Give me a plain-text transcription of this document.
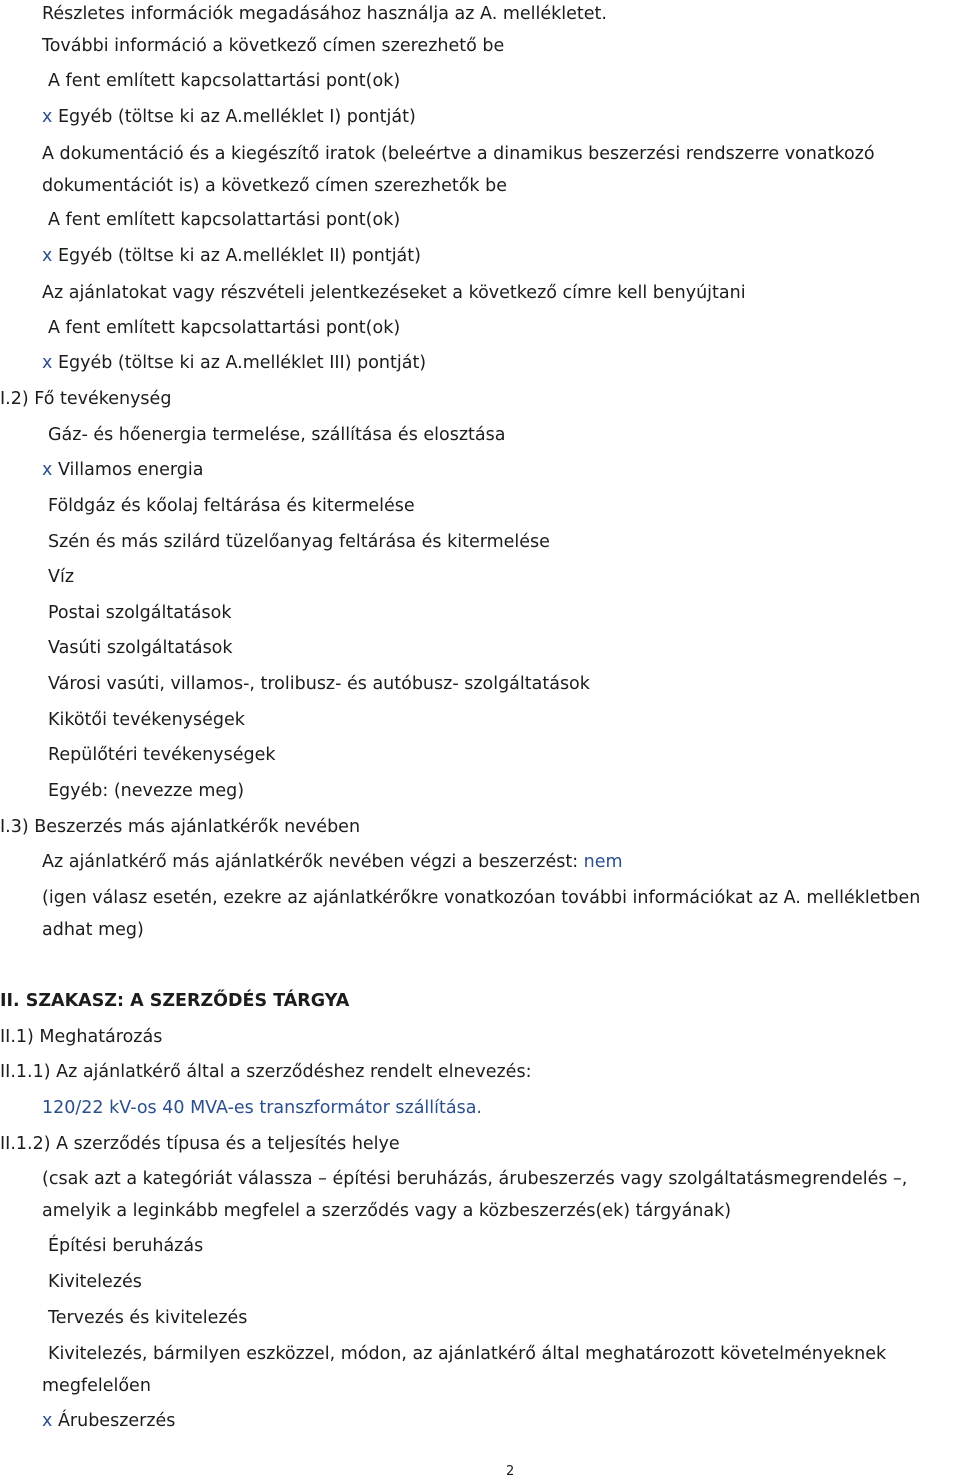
Részletes információk megadásához használja az A. mellékletet.
További információ a következő címen szerezhető be
A fent említett kapcsolattartási pont(ok)
x Egyéb (töltse ki az A.melléklet I) pontját)
A dokumentáció és a kiegészítő iratok (beleértve a dinamikus beszerzési rendszerre vonatkozó
dokumentációt is) a következő címen szerezhetők be
A fent említett kapcsolattartási pont(ok)
x Egyéb (töltse ki az A.melléklet II) pontját)
Az ajánlatokat vagy részvételi jelentkezéseket a következő címre kell benyújtani
A fent említett kapcsolattartási pont(ok)
x Egyéb (töltse ki az A.melléklet III) pontját)
I.2) Fő tevékenység
Gáz- és hőenergia termelése, szállítása és elosztása
x Villamos energia
Földgáz és kőolaj feltárása és kitermelése
Szén és más szilárd tüzelőanyag feltárása és kitermelése
Víz
Postai szolgáltatások
Vasúti szolgáltatások
Városi vasúti, villamos-, trolibusz- és autóbusz- szolgáltatások
Kikötői tevékenységek
Repülőtéri tevékenységek
Egyéb: (nevezze meg)
I.3) Beszerzés más ajánlatkérők nevében
Az ajánlatkérő más ajánlatkérők nevében végzi a beszerzést: nem
(igen válasz esetén, ezekre az ajánlatkérőkre vonatkozóan további információkat az A. mellékletben
adhat meg)
II. SZAKASZ: A SZERZŐDÉS TÁRGYA
II.1) Meghatározás
II.1.1) Az ajánlatkérő által a szerződéshez rendelt elnevezés:
120/22 kV-os 40 MVA-es transzformátor szállítása.
II.1.2) A szerződés típusa és a teljesítés helye
(csak azt a kategóriát válassza – építési beruházás, árubeszerzés vagy szolgáltatásmegrendelés –,
amelyik a leginkább megfelel a szerződés vagy a közbeszerzés(ek) tárgyának)
Építési beruházás
Kivitelezés
Tervezés és kivitelezés
Kivitelezés, bármilyen eszközzel, módon, az ajánlatkérő által meghatározott követelményeknek
megfelelően
x Árubeszerzés
2
